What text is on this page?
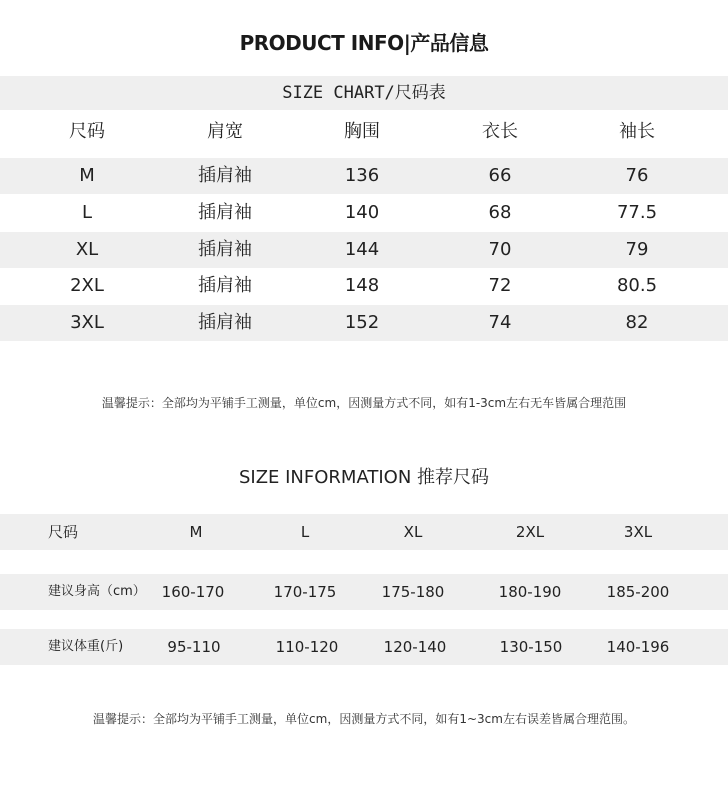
PRODUCT INFO|产品信息
SIZE CHART/尺码表
尺码	肩宽	胸围	衣长	袖长
M	插肩袖	136	66	76
L	插肩袖	140	68	77.5
XL	插肩袖	144	70	79
2XL	插肩袖	148	72	80.5
3XL	插肩袖	152	74	82
温馨提示：全部均为平铺手工测量，单位cm，因测量方式不同，如有1-3cm左右无车皆属合理范围
SIZE INFORMATION 推荐尺码
尺码	M	L	XL	2XL	3XL
建议身高（cm） 160-170	170-175	175-180	180-190	185-200
建议体重(斤)	95-110	110-120	120-140	130-150	140-196
温馨提示：全部均为平铺手工测量，单位cm，因测量方式不同，如有1~3cm左右误差皆属合理范围。
